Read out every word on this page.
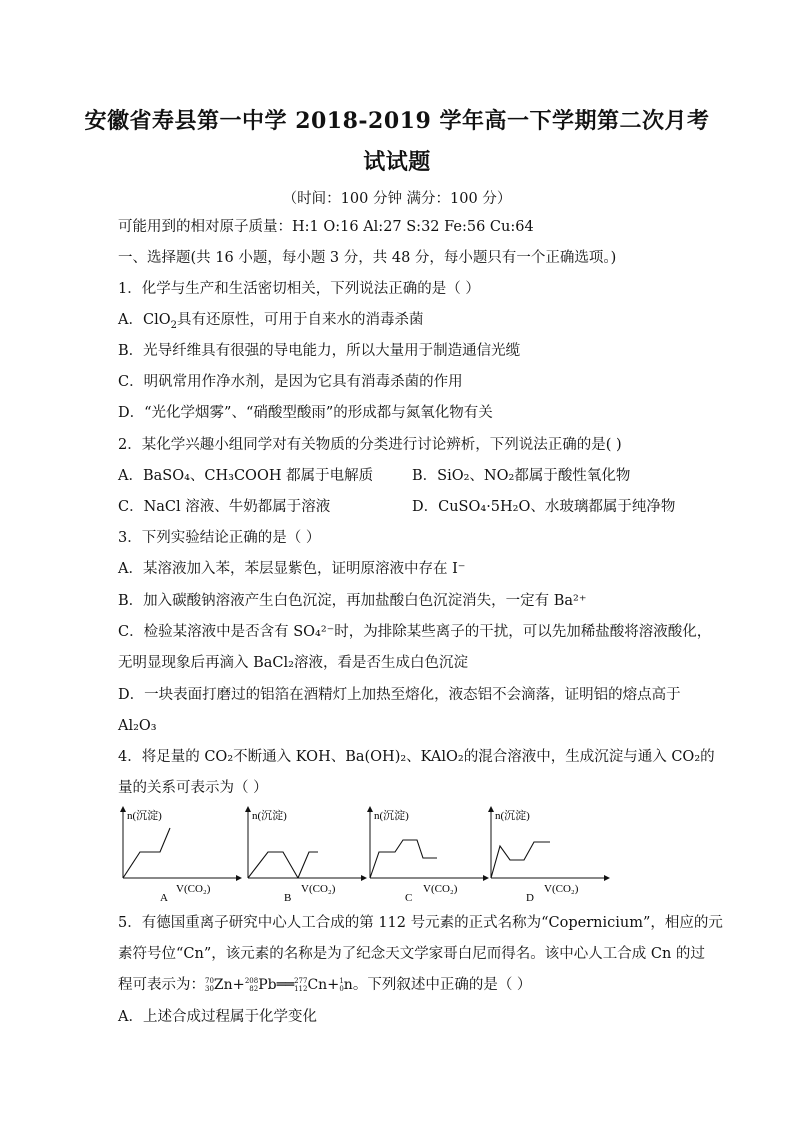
安徽省寿县第一中学 2018-2019 学年高一下学期第二次月考
试试题
（时间：100 分钟 满分：100 分）
可能用到的相对原子质量：H:1 O:16 Al:27 S:32 Fe:56 Cu:64
一、选择题(共 16 小题，每小题 3 分，共 48 分，每小题只有一个正确选项。)
1．化学与生产和生活密切相关，下列说法正确的是（ ）
A．ClO$_2$具有还原性，可用于自来水的消毒杀菌
B．光导纤维具有很强的导电能力，所以大量用于制造通信光缆
C．明矾常用作净水剂，是因为它具有消毒杀菌的作用
D．“光化学烟雾”、“硝酸型酸雨”的形成都与氮氧化物有关
2．某化学兴趣小组同学对有关物质的分类进行讨论辨析，下列说法正确的是( )
A．BaSO₄、CH₃COOH 都属于电解质	B．SiO₂、NO₂都属于酸性氧化物
C．NaCl 溶液、牛奶都属于溶液	D．CuSO₄·5H₂O、水玻璃都属于纯净物
3．下列实验结论正确的是（ ）
A．某溶液加入苯，苯层显紫色，证明原溶液中存在 I⁻
B．加入碳酸钠溶液产生白色沉淀，再加盐酸白色沉淀消失，一定有 Ba²⁺
C．检验某溶液中是否含有 SO₄²⁻时，为排除某些离子的干扰，可以先加稀盐酸将溶液酸化，
无明显现象后再滴入 BaCl₂溶液，看是否生成白色沉淀
D．一块表面打磨过的铝箔在酒精灯上加热至熔化，液态铝不会滴落，证明铝的熔点高于
Al₂O₃
4．将足量的 CO₂不断通入 KOH、Ba(OH)₂、KAlO₂的混合溶液中，生成沉淀与通入 CO₂的
量的关系可表示为（ ）
n(沉淀)
V(CO₂)
A
n(沉淀)
V(CO₂)
B
n(沉淀)
V(CO₂)
C
n(沉淀)
V(CO₂)
D
5．有德国重离子研究中心人工合成的第 112 号元素的正式名称为“Copernicium”，相应的元
素符号位“Cn”，该元素的名称是为了纪念天文学家哥白尼而得名。该中心人工合成 Cn 的过
程可表示为： 70
30 Zn+ 208
82 Pb══ 277
112 Cn+ 1
0 n。下列叙述中正确的是（ ）
A．上述合成过程属于化学变化
